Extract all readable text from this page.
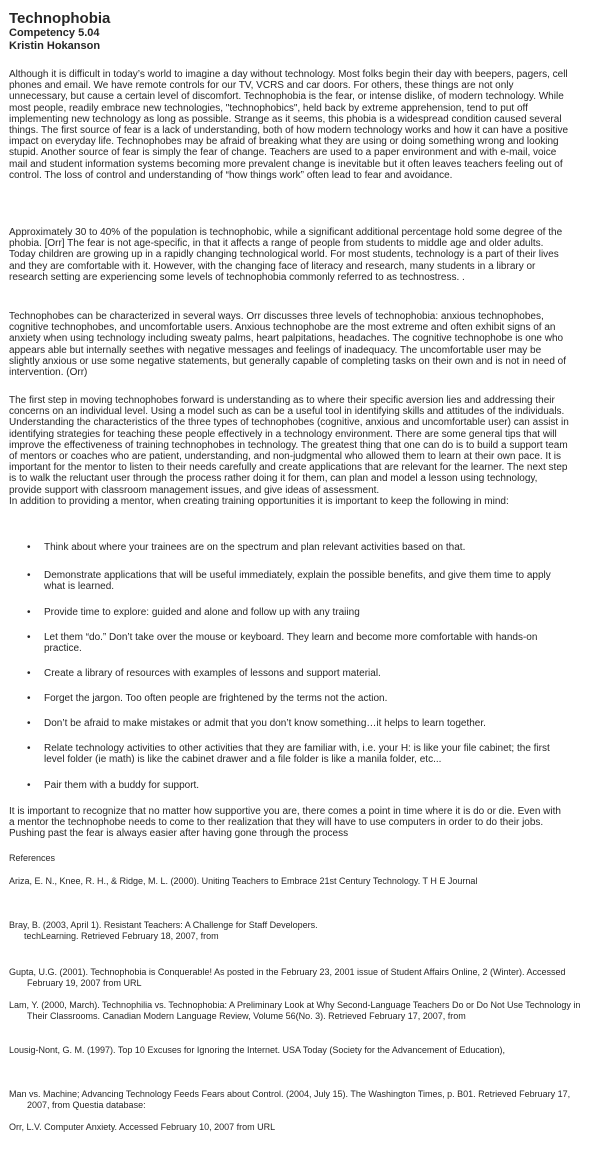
Technophobia

Competency 5.04

Kristin Hokanson

Although it is difficult in today’s world to imagine a day without technology. Most folks begin their day with beepers, pagers, cell phones and email. We have remote controls for our TV, VCRS and car doors. For others, these things are not only unnecessary, but cause a certain level of discomfort. Technophobia is the fear, or intense dislike, of modern technology. While most people, readily embrace new technologies, "technophobics", held back by extreme apprehension, tend to put off implementing new technology as long as possible. Strange as it seems, this phobia is a widespread condition caused several things. The first source of fear is a lack of understanding, both of how modern technology works and how it can have a positive impact on everyday life. Technophobes may be afraid of breaking what they are using or doing something wrong and looking stupid. Another source of fear is simply the fear of change. Teachers are used to a paper environment and with e-mail, voice mail and student information systems becoming more prevalent change is inevitable but it often leaves teachers feeling out of control. The loss of control and understanding of “how things work” often lead to fear and avoidance.

Approximately 30 to 40% of the population is technophobic, while a significant additional percentage hold some degree of the phobia. [Orr] The fear is not age-specific, in that it affects a range of people from students to middle age and older adults. Today children are growing up in a rapidly changing technological world. For most students, technology is a part of their lives and they are comfortable with it. However, with the changing face of literacy and research, many students in a library or research setting are experiencing some levels of technophobia commonly referred to as technostress. .

Technophobes can be characterized in several ways. Orr discusses three levels of technophobia: anxious technophobes, cognitive technophobes, and uncomfortable users. Anxious technophobe are the most extreme and often exhibit signs of an anxiety when using technology including sweaty palms, heart palpitations, headaches. The cognitive technophobe is one who appears able but internally seethes with negative messages and feelings of inadequacy. The uncomfortable user may be slightly anxious or use some negative statements, but generally capable of completing tasks on their own and is not in need of intervention. (Orr)

The first step in moving technophobes forward is understanding as to where their specific aversion lies and addressing their concerns on an individual level. Using a model such as can be a useful tool in identifying skills and attitudes of the individuals. Understanding the characteristics of the three types of technophobes (cognitive, anxious and uncomfortable user) can assist in identifying strategies for teaching these people effectively in a technology environment. There are some general tips that will improve the effectiveness of training technophobes in technology. The greatest thing that one can do is to build a support team of mentors or coaches who are patient, understanding, and non-judgmental who allowed them to learn at their own pace. It is important for the mentor to listen to their needs carefully and create applications that are relevant for the learner. The next step is to walk the reluctant user through the process rather doing it for them, can plan and model a lesson using technology, provide support with classroom management issues, and give ideas of assessment.

In addition to providing a mentor, when creating training opportunities it is important to keep the following in mind:

• Think about where your trainees are on the spectrum and plan relevant activities based on that.
• Demonstrate applications that will be useful immediately, explain the possible benefits, and give them time to apply what is learned.
• Provide time to explore: guided and alone and follow up with any traiing
• Let them “do.” Don’t take over the mouse or keyboard. They learn and become more comfortable with hands-on practice.
• Create a library of resources with examples of lessons and support material.
• Forget the jargon. Too often people are frightened by the terms not the action.
• Don’t be afraid to make mistakes or admit that you don’t know something…it helps to learn together.
• Relate technology activities to other activities that they are familiar with, i.e. your H: is like your file cabinet; the first level folder (ie math) is like the cabinet drawer and a file folder is like a manila folder, etc...
• Pair them with a buddy for support.

It is important to recognize that no matter how supportive you are, there comes a point in time where it is do or die. Even with a mentor the technophobe needs to come to ther realization that they will have to use computers in order to do their jobs. Pushing past the fear is always easier after having gone through the process

References
Ariza, E. N., Knee, R. H., & Ridge, M. L. (2000). Uniting Teachers to Embrace 21st Century Technology. T H E Journal
Bray, B. (2003, April 1). Resistant Teachers: A Challenge for Staff Developers.
techLearning. Retrieved February 18, 2007, from
Gupta, U.G. (2001). Technophobia is Conquerable! As posted in the February 23, 2001 issue of Student Affairs Online, 2 (Winter). Accessed February 19, 2007 from URL
Lam, Y. (2000, March). Technophilia vs. Technophobia: A Preliminary Look at Why Second-Language Teachers Do or Do Not Use Technology in Their Classrooms. Canadian Modern Language Review, Volume 56(No. 3). Retrieved February 17, 2007, from
Lousig-Nont, G. M. (1997). Top 10 Excuses for Ignoring the Internet. USA Today (Society for the Advancement of Education),
Man vs. Machine; Advancing Technology Feeds Fears about Control. (2004, July 15). The Washington Times, p. B01. Retrieved February 17, 2007, from Questia database:
Orr, L.V. Computer Anxiety. Accessed February 10, 2007 from URL
